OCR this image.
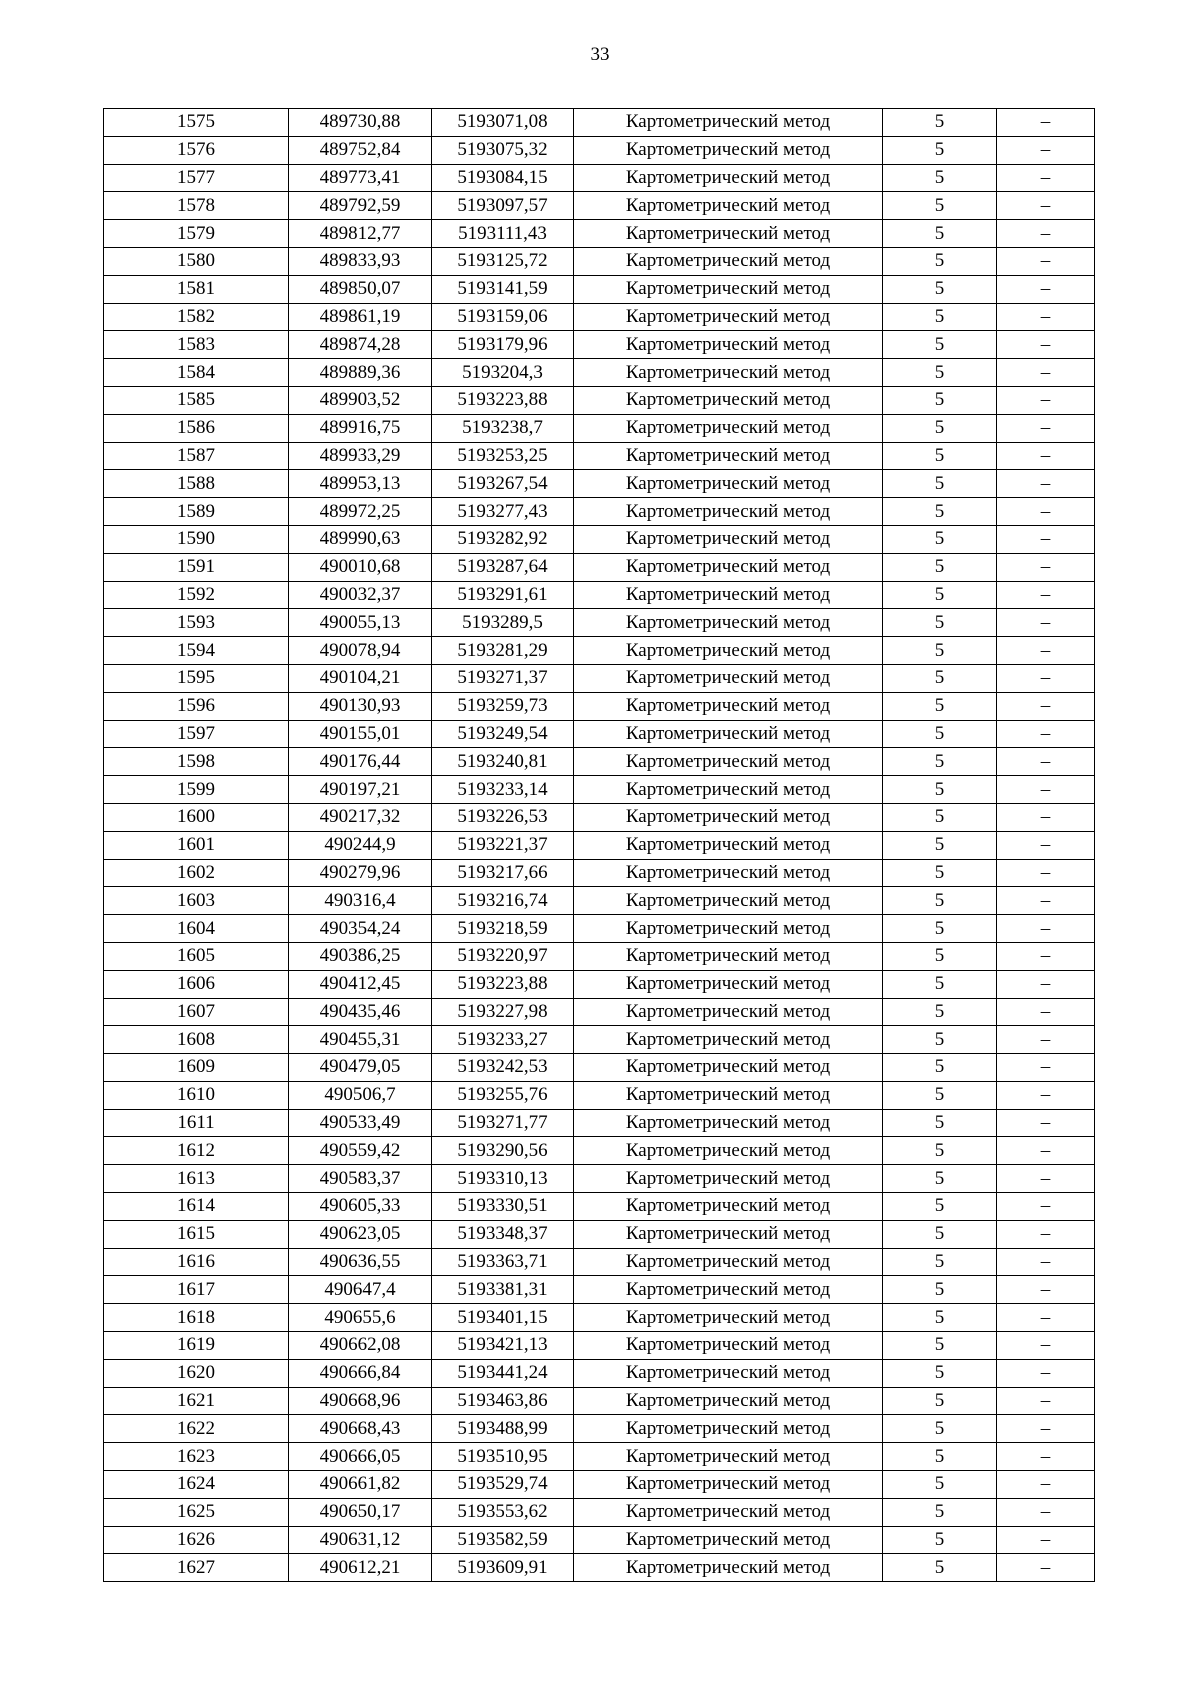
33
1575	489730,88	5193071,08	Картометрический метод	5	–
1576	489752,84	5193075,32	Картометрический метод	5	–
1577	489773,41	5193084,15	Картометрический метод	5	–
1578	489792,59	5193097,57	Картометрический метод	5	–
1579	489812,77	5193111,43	Картометрический метод	5	–
1580	489833,93	5193125,72	Картометрический метод	5	–
1581	489850,07	5193141,59	Картометрический метод	5	–
1582	489861,19	5193159,06	Картометрический метод	5	–
1583	489874,28	5193179,96	Картометрический метод	5	–
1584	489889,36	5193204,3	Картометрический метод	5	–
1585	489903,52	5193223,88	Картометрический метод	5	–
1586	489916,75	5193238,7	Картометрический метод	5	–
1587	489933,29	5193253,25	Картометрический метод	5	–
1588	489953,13	5193267,54	Картометрический метод	5	–
1589	489972,25	5193277,43	Картометрический метод	5	–
1590	489990,63	5193282,92	Картометрический метод	5	–
1591	490010,68	5193287,64	Картометрический метод	5	–
1592	490032,37	5193291,61	Картометрический метод	5	–
1593	490055,13	5193289,5	Картометрический метод	5	–
1594	490078,94	5193281,29	Картометрический метод	5	–
1595	490104,21	5193271,37	Картометрический метод	5	–
1596	490130,93	5193259,73	Картометрический метод	5	–
1597	490155,01	5193249,54	Картометрический метод	5	–
1598	490176,44	5193240,81	Картометрический метод	5	–
1599	490197,21	5193233,14	Картометрический метод	5	–
1600	490217,32	5193226,53	Картометрический метод	5	–
1601	490244,9	5193221,37	Картометрический метод	5	–
1602	490279,96	5193217,66	Картометрический метод	5	–
1603	490316,4	5193216,74	Картометрический метод	5	–
1604	490354,24	5193218,59	Картометрический метод	5	–
1605	490386,25	5193220,97	Картометрический метод	5	–
1606	490412,45	5193223,88	Картометрический метод	5	–
1607	490435,46	5193227,98	Картометрический метод	5	–
1608	490455,31	5193233,27	Картометрический метод	5	–
1609	490479,05	5193242,53	Картометрический метод	5	–
1610	490506,7	5193255,76	Картометрический метод	5	–
1611	490533,49	5193271,77	Картометрический метод	5	–
1612	490559,42	5193290,56	Картометрический метод	5	–
1613	490583,37	5193310,13	Картометрический метод	5	–
1614	490605,33	5193330,51	Картометрический метод	5	–
1615	490623,05	5193348,37	Картометрический метод	5	–
1616	490636,55	5193363,71	Картометрический метод	5	–
1617	490647,4	5193381,31	Картометрический метод	5	–
1618	490655,6	5193401,15	Картометрический метод	5	–
1619	490662,08	5193421,13	Картометрический метод	5	–
1620	490666,84	5193441,24	Картометрический метод	5	–
1621	490668,96	5193463,86	Картометрический метод	5	–
1622	490668,43	5193488,99	Картометрический метод	5	–
1623	490666,05	5193510,95	Картометрический метод	5	–
1624	490661,82	5193529,74	Картометрический метод	5	–
1625	490650,17	5193553,62	Картометрический метод	5	–
1626	490631,12	5193582,59	Картометрический метод	5	–
1627	490612,21	5193609,91	Картометрический метод	5	–
